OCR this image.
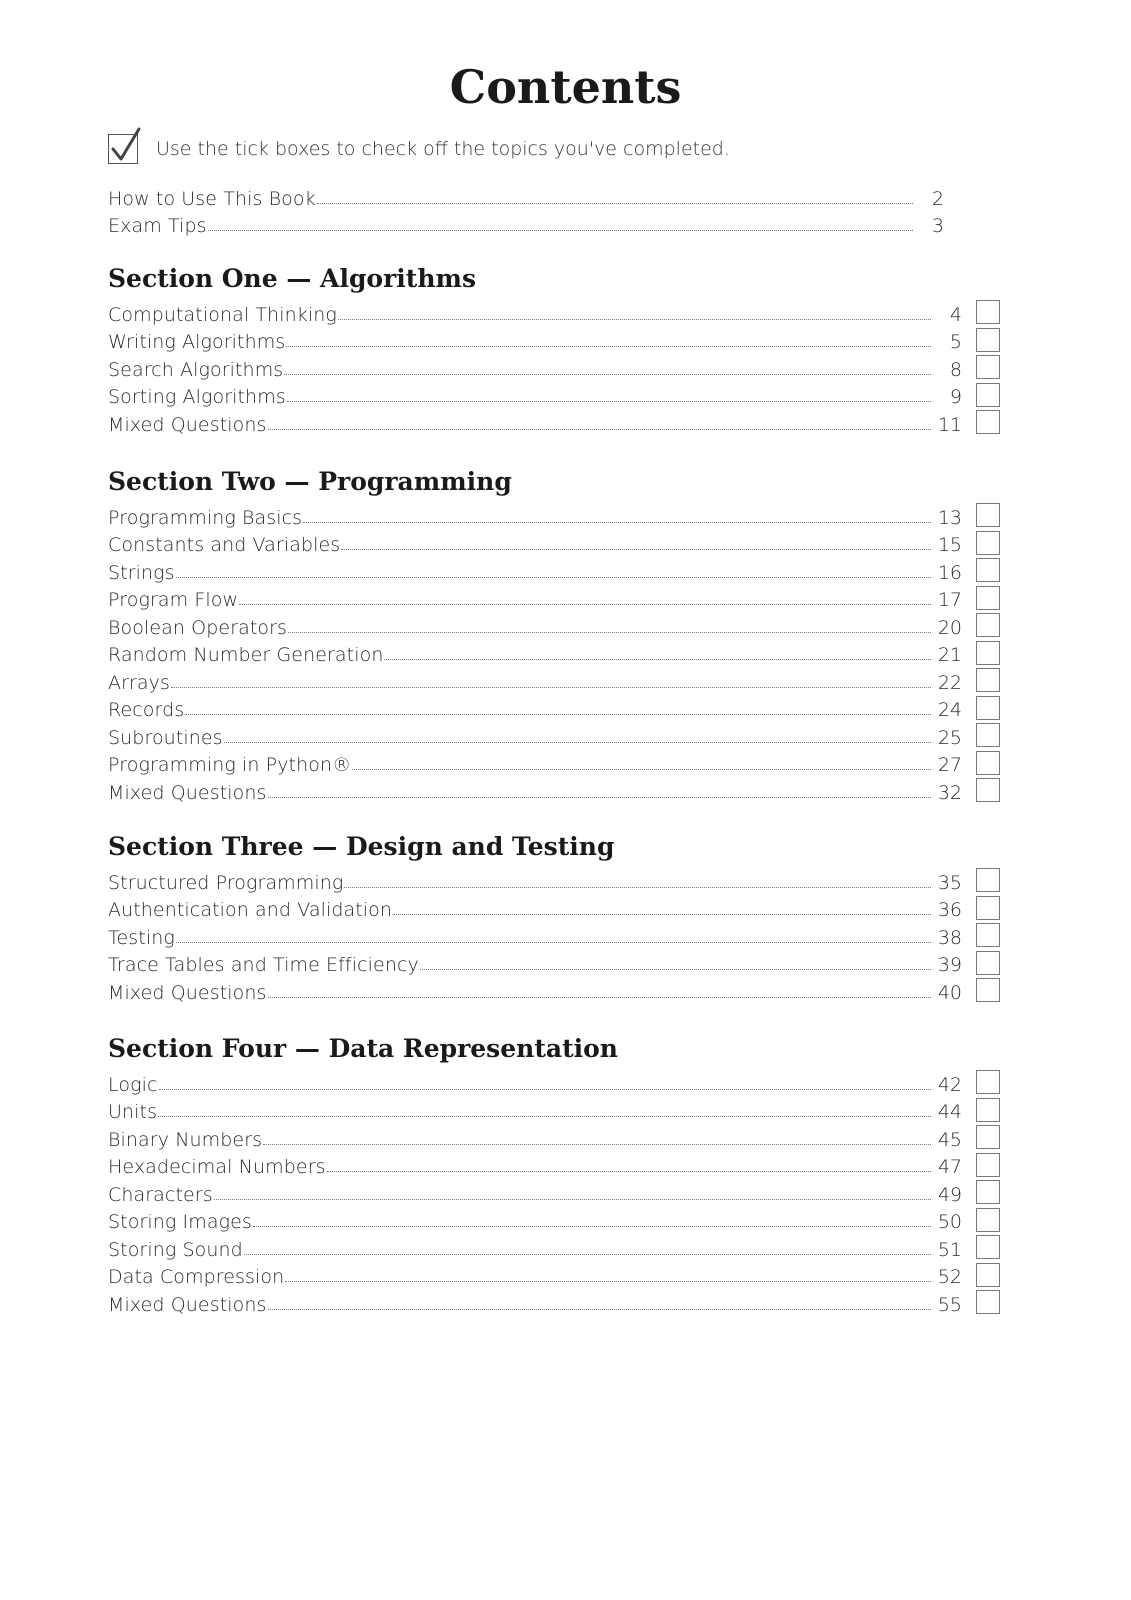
Contents
Use the tick boxes to check off the topics you've completed.
How to Use This Book	2
Exam Tips	3
Section One — Algorithms
Computational Thinking	4
Writing Algorithms	5
Search Algorithms	8
Sorting Algorithms	9
Mixed Questions	11
Section Two — Programming
Programming Basics	13
Constants and Variables	15
Strings	16
Program Flow	17
Boolean Operators	20
Random Number Generation	21
Arrays	22
Records	24
Subroutines	25
Programming in Python®	27
Mixed Questions	32
Section Three — Design and Testing
Structured Programming	35
Authentication and Validation	36
Testing	38
Trace Tables and Time Efficiency	39
Mixed Questions	40
Section Four — Data Representation
Logic	42
Units	44
Binary Numbers	45
Hexadecimal Numbers	47
Characters	49
Storing Images	50
Storing Sound	51
Data Compression	52
Mixed Questions	55
